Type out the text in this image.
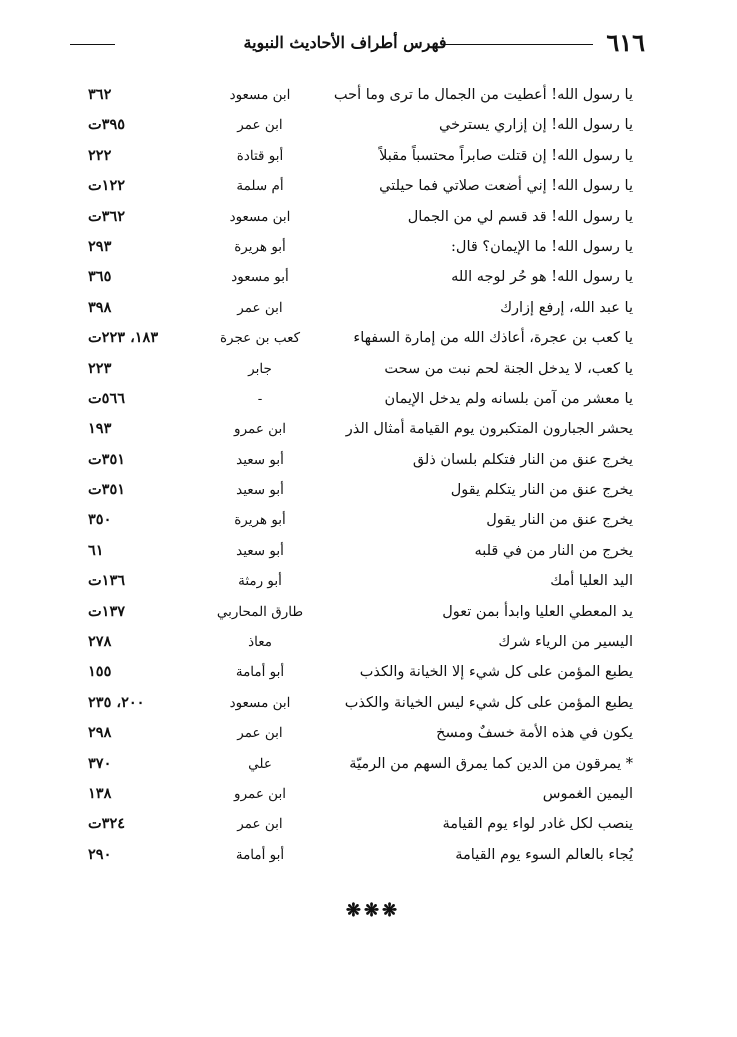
٦١٦
فهرس أطراف الأحاديث النبوية
يا رسول الله! أعطيت من الجمال ما ترى وما أحب
ابن مسعود
٣٦٢
يا رسول الله! إن إزاري يسترخي
ابن عمر
٣٩٥ت
يا رسول الله! إن قتلت صابراً محتسباً مقبلاً
أبو قتادة
٢٢٢
يا رسول الله! إني أضعت صلاتي فما حيلتي
أم سلمة
١٢٢ت
يا رسول الله! قد قسم لي من الجمال
ابن مسعود
٣٦٢ت
يا رسول الله! ما الإيمان؟ قال:
أبو هريرة
٢٩٣
يا رسول الله! هو حُر لوجه الله
أبو مسعود
٣٦٥
يا عبد الله، إرفع إزارك
ابن عمر
٣٩٨
يا كعب بن عجرة، أعاذك الله من إمارة السفهاء
كعب بن عجرة
١٨٣، ٢٢٣ت
يا كعب، لا يدخل الجنة لحم نبت من سحت
جابر
٢٢٣
يا معشر من آمن بلسانه ولم يدخل الإيمان
-
٥٦٦ت
يحشر الجبارون المتكبرون يوم القيامة أمثال الذر
ابن عمرو
١٩٣
يخرج عنق من النار فتكلم بلسان ذلق
أبو سعيد
٣٥١ت
يخرج عنق من النار يتكلم يقول
أبو سعيد
٣٥١ت
يخرج عنق من النار يقول
أبو هريرة
٣٥٠
يخرج من النار من في قلبه
أبو سعيد
٦١
اليد العليا أمك
أبو رمثة
١٣٦ت
يد المعطي العليا وابدأ بمن تعول
طارق المحاربي
١٣٧ت
اليسير من الرياء شرك
معاذ
٢٧٨
يطبع المؤمن على كل شيء إلا الخيانة والكذب
أبو أمامة
١٥٥
يطبع المؤمن على كل شيء ليس الخيانة والكذب
ابن مسعود
٢٠٠، ٢٣٥
يكون في هذه الأمة خسفٌ ومسخ
ابن عمر
٢٩٨
* يمرقون من الدين كما يمرق السهم من الرميّة
علي
٣٧٠
اليمين الغموس
ابن عمرو
١٣٨
ينصب لكل غادر لواء يوم القيامة
ابن عمر
٣٢٤ت
يُجاء بالعالم السوء يوم القيامة
أبو أمامة
٢٩٠
❋❋❋
